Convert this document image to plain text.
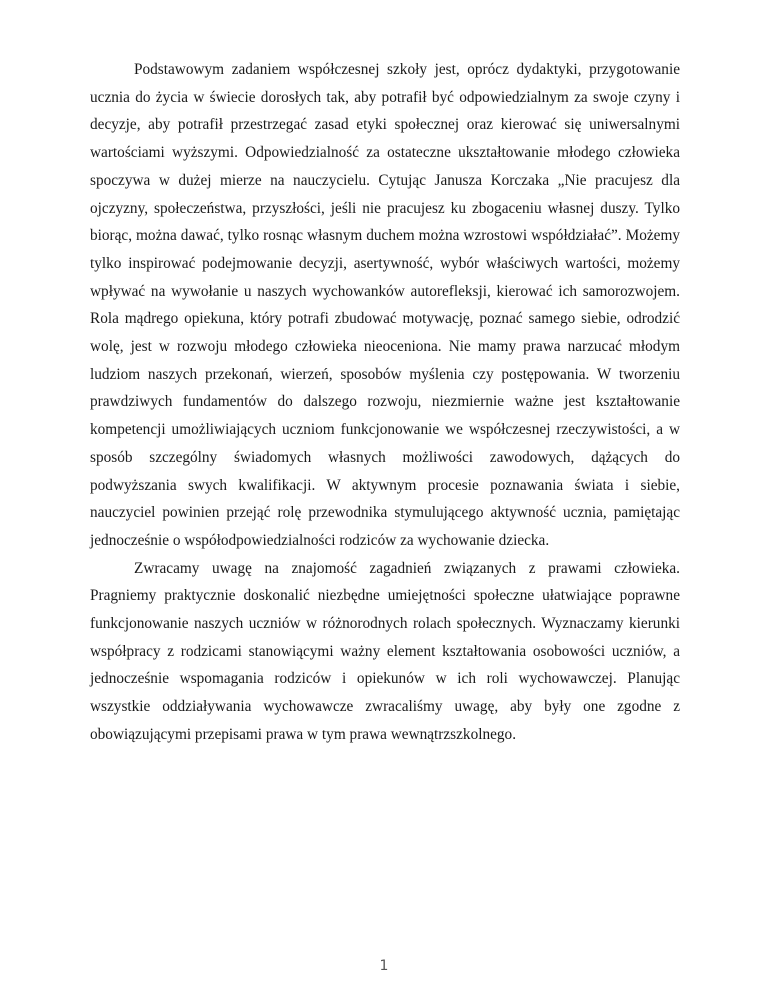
Podstawowym zadaniem współczesnej szkoły jest, oprócz dydaktyki, przygotowanie ucznia do życia w świecie dorosłych tak, aby potrafił być odpowiedzialnym za swoje czyny i decyzje, aby potrafił przestrzegać zasad etyki społecznej oraz kierować się uniwersalnymi wartościami wyższymi. Odpowiedzialność za ostateczne ukształtowanie młodego człowieka spoczywa w dużej mierze na nauczycielu. Cytując Janusza Korczaka „Nie pracujesz dla ojczyzny, społeczeństwa, przyszłości, jeśli nie pracujesz ku zbogaceniu własnej duszy. Tylko biorąc, można dawać, tylko rosnąc własnym duchem można wzrostowi współdziałać”. Możemy tylko inspirować podejmowanie decyzji, asertywność, wybór właściwych wartości, możemy wpływać na wywołanie u naszych wychowanków autorefleksji, kierować ich samorozwojem. Rola mądrego opiekuna, który potrafi zbudować motywację, poznać samego siebie, odrodzić wolę, jest w rozwoju młodego człowieka nieoceniona. Nie mamy prawa narzucać młodym ludziom naszych przekonań, wierzeń, sposobów myślenia czy postępowania. W tworzeniu prawdziwych fundamentów do dalszego rozwoju, niezmiernie ważne jest kształtowanie kompetencji umożliwiających uczniom funkcjonowanie we współczesnej rzeczywistości, a w sposób szczególny świadomych własnych możliwości zawodowych, dążących do podwyższania swych kwalifikacji. W aktywnym procesie poznawania świata i siebie, nauczyciel powinien przejąć rolę przewodnika stymulującego aktywność ucznia, pamiętając jednocześnie o współodpowiedzialności rodziców za wychowanie dziecka.

Zwracamy uwagę na znajomość zagadnień związanych z prawami człowieka. Pragniemy praktycznie doskonalić niezbędne umiejętności społeczne ułatwiające poprawne funkcjonowanie naszych uczniów w różnorodnych rolach społecznych. Wyznaczamy kierunki współpracy z rodzicami stanowiącymi ważny element kształtowania osobowości uczniów, a jednocześnie wspomagania rodziców i opiekunów w ich roli wychowawczej. Planując wszystkie oddziaływania wychowawcze zwracaliśmy uwagę, aby były one zgodne z obowiązującymi przepisami prawa w tym prawa wewnątrzszkolnego.

1
